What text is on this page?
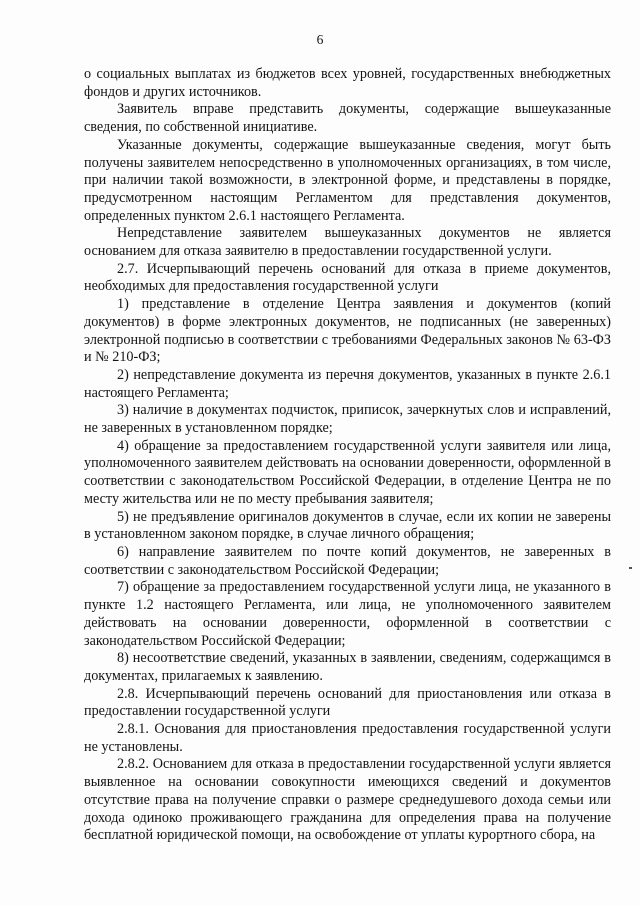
6

о социальных выплатах из бюджетов всех уровней, государственных внебюджетных фондов и других источников.

Заявитель вправе представить документы, содержащие вышеуказанные сведения, по собственной инициативе.

Указанные документы, содержащие вышеуказанные сведения, могут быть получены заявителем непосредственно в уполномоченных организациях, в том числе, при наличии такой возможности, в электронной форме, и представлены в порядке, предусмотренном настоящим Регламентом для представления документов, определенных пунктом 2.6.1 настоящего Регламента.

Непредставление заявителем вышеуказанных документов не является основанием для отказа заявителю в предоставлении государственной услуги.

2.7. Исчерпывающий перечень оснований для отказа в приеме документов, необходимых для предоставления государственной услуги

1) представление в отделение Центра заявления и документов (копий документов) в форме электронных документов, не подписанных (не заверенных) электронной подписью в соответствии с требованиями Федеральных законов № 63-ФЗ и № 210-ФЗ;

2) непредставление документа из перечня документов, указанных в пункте 2.6.1 настоящего Регламента;

3) наличие в документах подчисток, приписок, зачеркнутых слов и исправлений, не заверенных в установленном порядке;

4) обращение за предоставлением государственной услуги заявителя или лица, уполномоченного заявителем действовать на основании доверенности, оформленной в соответствии с законодательством Российской Федерации, в отделение Центра не по месту жительства или не по месту пребывания заявителя;

5) не предъявление оригиналов документов в случае, если их копии не заверены в установленном законом порядке, в случае личного обращения;

6) направление заявителем по почте копий документов, не заверенных в соответствии с законодательством Российской Федерации;

7) обращение за предоставлением государственной услуги лица, не указанного в пункте 1.2 настоящего Регламента, или лица, не уполномоченного заявителем действовать на основании доверенности, оформленной в соответствии с законодательством Российской Федерации;

8) несоответствие сведений, указанных в заявлении, сведениям, содержащимся в документах, прилагаемых к заявлению.

2.8. Исчерпывающий перечень оснований для приостановления или отказа в предоставлении государственной услуги

2.8.1. Основания для приостановления предоставления государственной услуги не установлены.

2.8.2. Основанием для отказа в предоставлении государственной услуги является выявленное на основании совокупности имеющихся сведений и документов отсутствие права на получение справки о размере среднедушевого дохода семьи или дохода одиноко проживающего гражданина для определения права на получение бесплатной юридической помощи, на освобождение от уплаты курортного сбора, на
